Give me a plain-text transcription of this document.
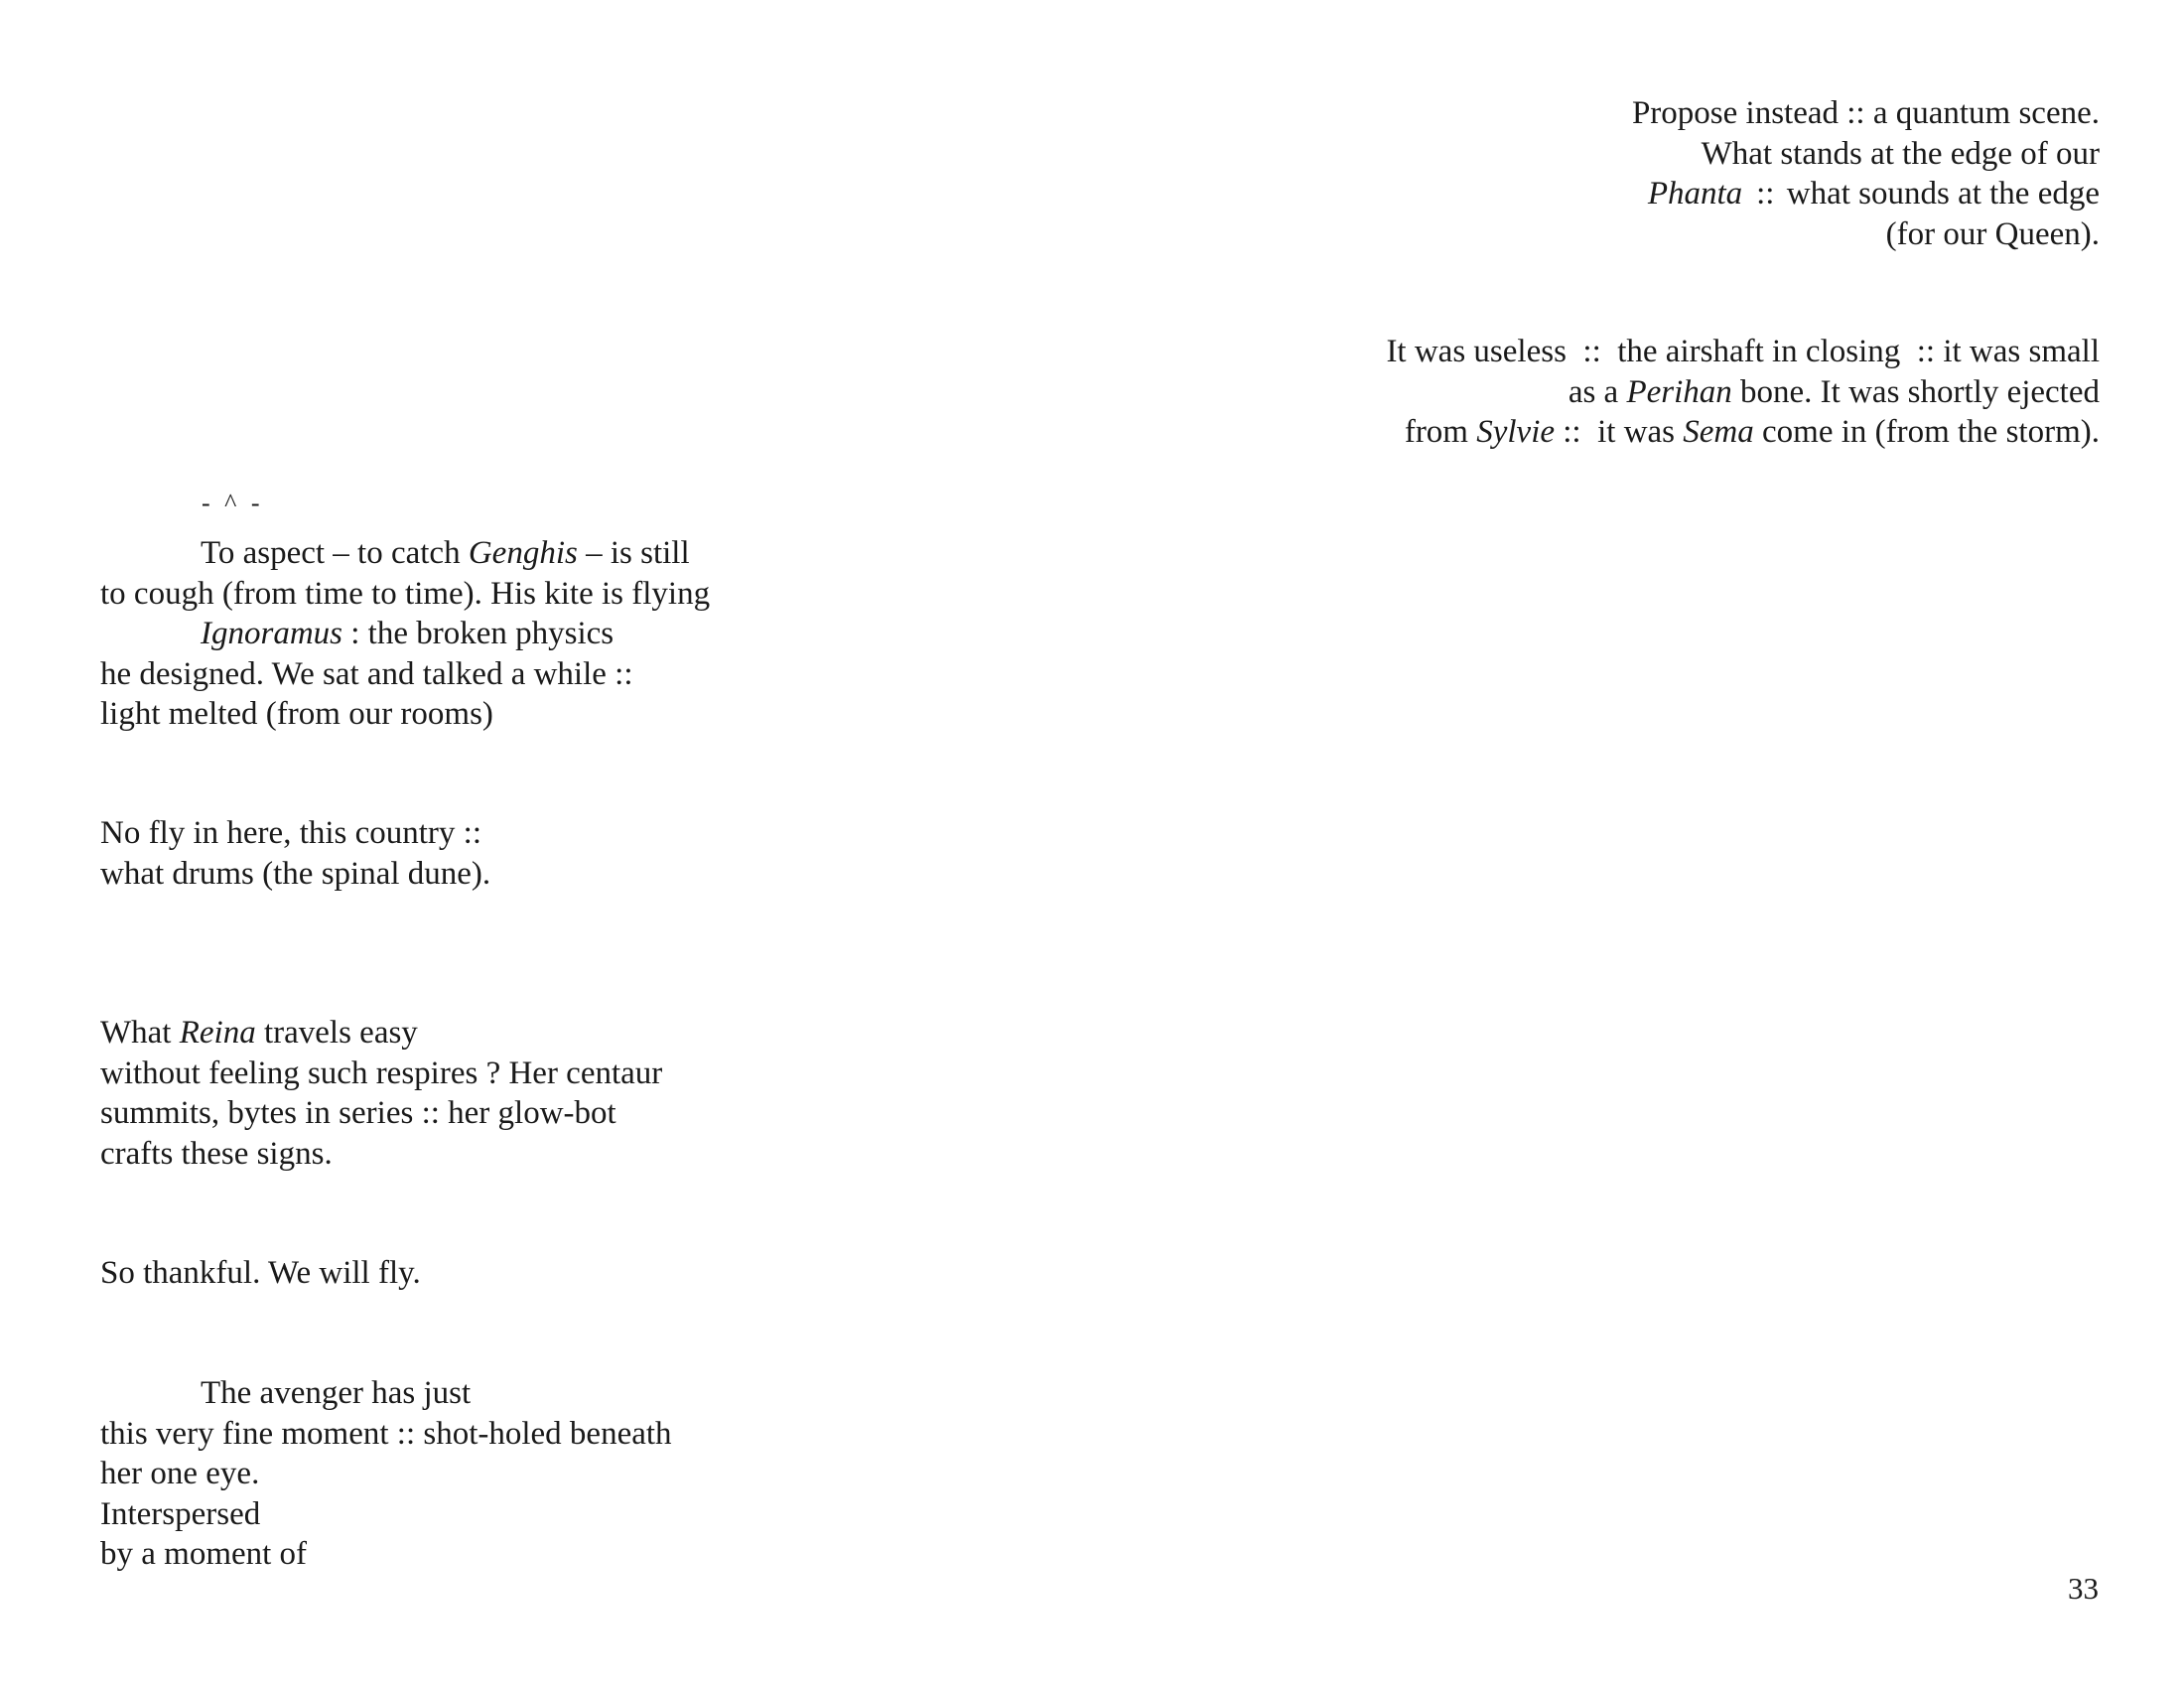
Propose instead :: a quantum scene.
What stands at the edge of our
Phanta :: what sounds at the edge
(for our Queen).
It was useless  ::  the airshaft in closing  :: it was small
as a Perihan bone. It was shortly ejected
from Sylvie ::  it was Sema come in (from the storm).
- ^ -
To aspect – to catch Genghis – is still
to cough (from time to time). His kite is flying
Ignoramus : the broken physics
he designed. We sat and talked a while ::
light melted (from our rooms)
No fly in here, this country ::
what drums (the spinal dune).
What Reina travels easy
without feeling such respires ? Her centaur
summits, bytes in series :: her glow-bot
crafts these signs.
So thankful. We will fly.
The avenger has just
this very fine moment :: shot-holed beneath
her one eye.
Interspersed
by a moment of
33
